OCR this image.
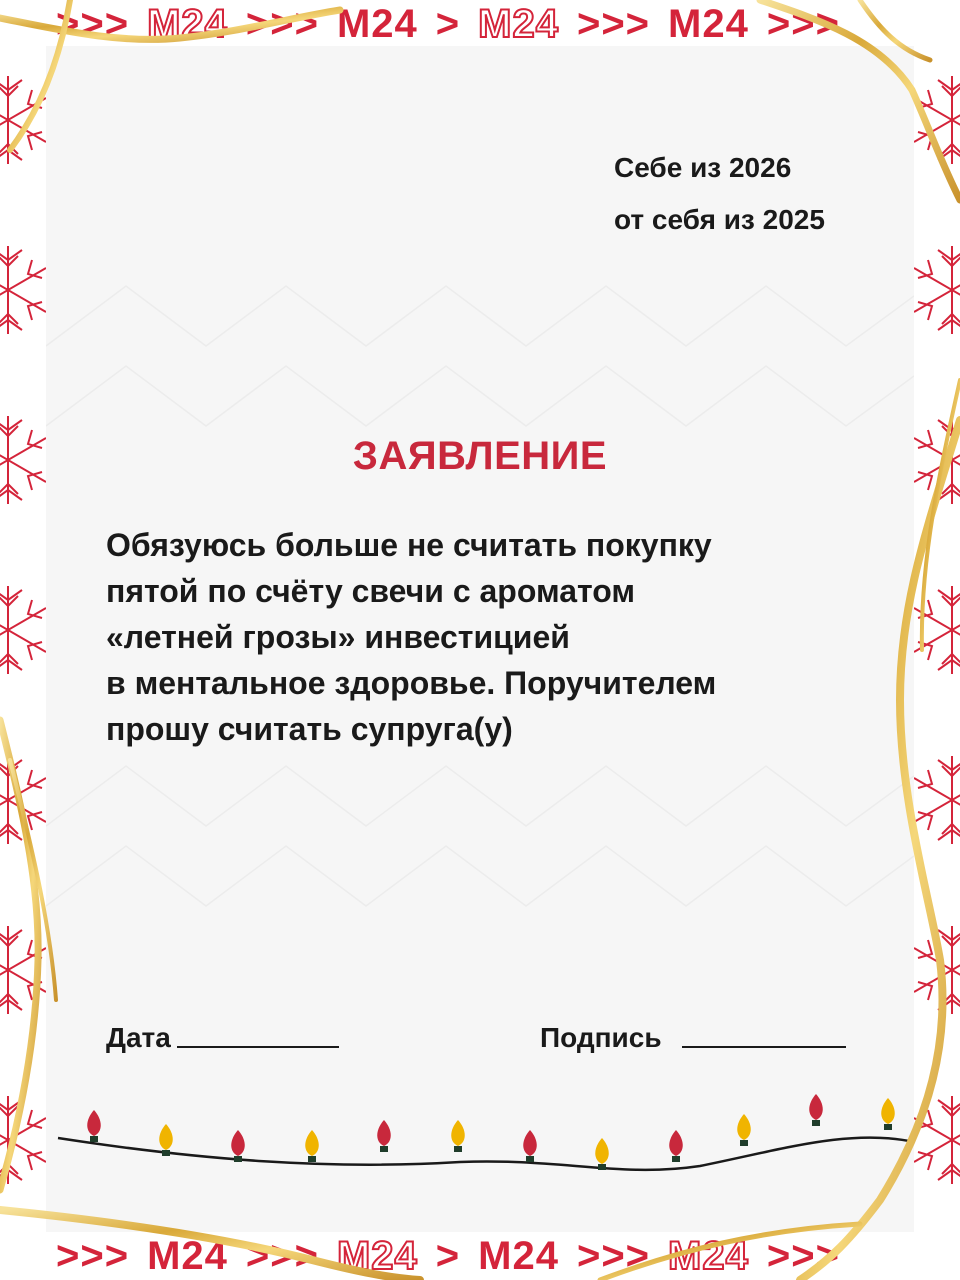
>>> M24 >>> M24 > M24 >>> M24 >>>
>>> M24 >>> M24 > M24 >>> M24 >>>
Себе из 2026
от себя из 2025
ЗАЯВЛЕНИЕ
Обязуюсь больше не считать покупку
пятой по счёту свечи с ароматом
«летней грозы» инвестицией
в ментальное здоровье. Поручителем
прошу считать супруга(у)
Дата	Подпись
